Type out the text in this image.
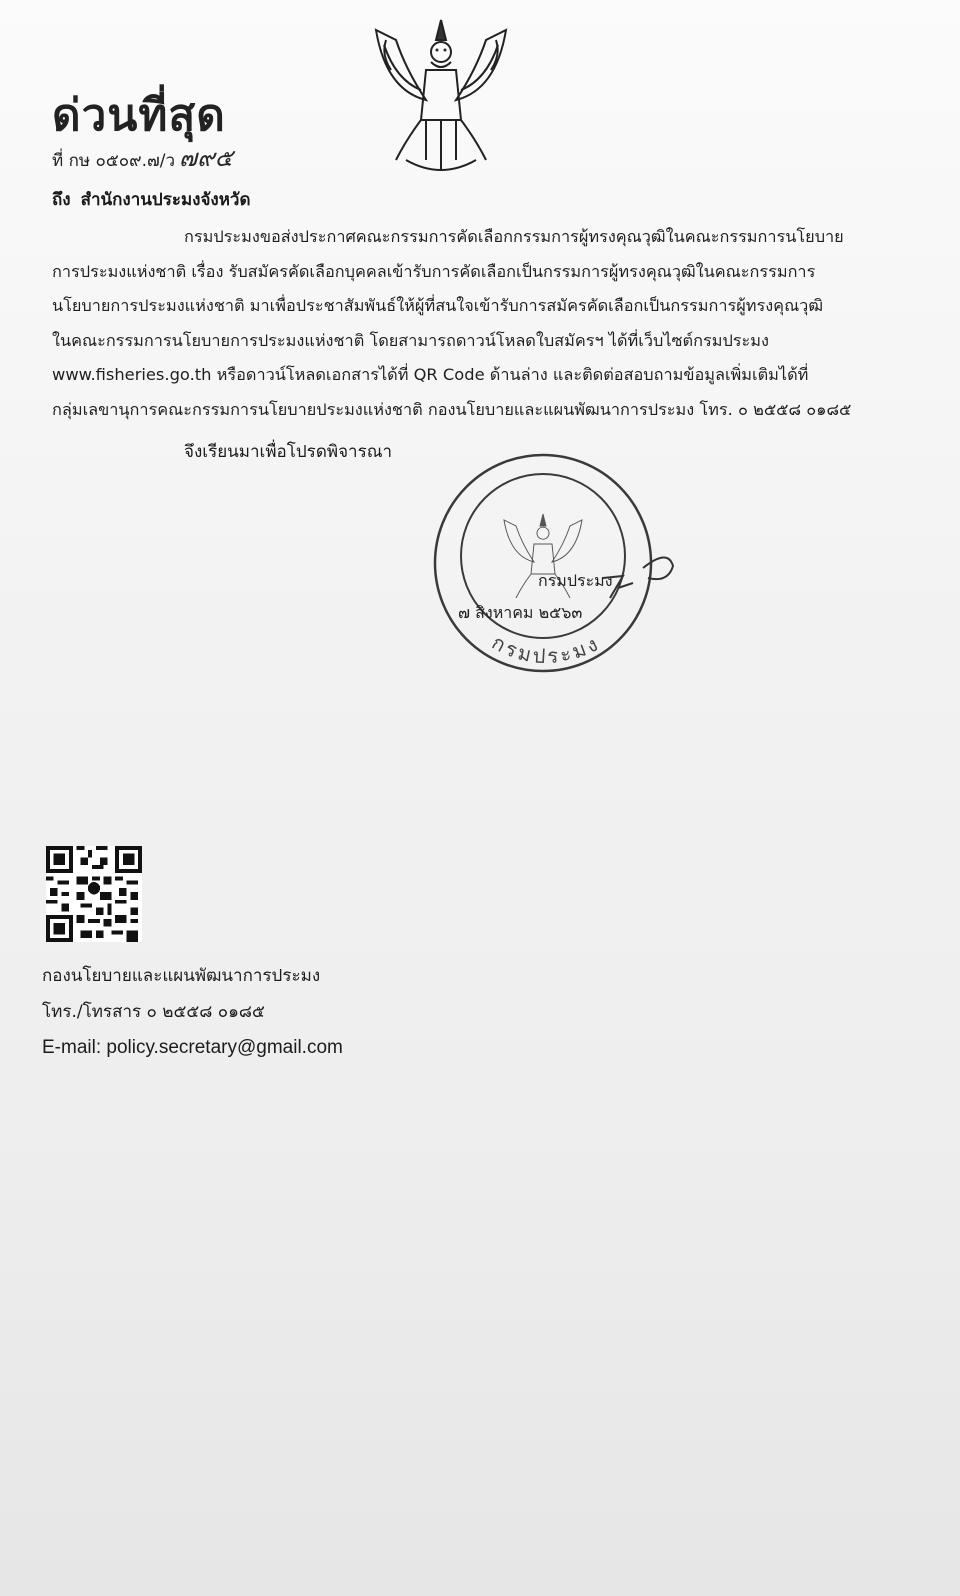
ด่วนที่สุด
ที่ กษ ๐๕๐๙.๗/ว ๗๙๕
ถึง สำนักงานประมงจังหวัด
กรมประมงขอส่งประกาศคณะกรรมการคัดเลือกกรรมการผู้ทรงคุณวุฒิในคณะกรรมการนโยบาย
การประมงแห่งชาติ เรื่อง รับสมัครคัดเลือกบุคคลเข้ารับการคัดเลือกเป็นกรรมการผู้ทรงคุณวุฒิในคณะกรรมการ
นโยบายการประมงแห่งชาติ มาเพื่อประชาสัมพันธ์ให้ผู้ที่สนใจเข้ารับการสมัครคัดเลือกเป็นกรรมการผู้ทรงคุณวุฒิ
ในคณะกรรมการนโยบายการประมงแห่งชาติ โดยสามารถดาวน์โหลดใบสมัครฯ ได้ที่เว็บไซต์กรมประมง
www.fisheries.go.th หรือดาวน์โหลดเอกสารได้ที่ QR Code ด้านล่าง และติดต่อสอบถามข้อมูลเพิ่มเติมได้ที่
กลุ่มเลขานุการคณะกรรมการนโยบายประมงแห่งชาติ กองนโยบายและแผนพัฒนาการประมง โทร. ๐ ๒๕๕๘ ๐๑๘๕
จึงเรียนมาเพื่อโปรดพิจารณา
กรมประมง
๗ สิงหาคม ๒๕๖๓
กรมประมง
กองนโยบายและแผนพัฒนาการประมง
โทร./โทรสาร ๐ ๒๕๕๘ ๐๑๘๕
E-mail: policy.secretary@gmail.com
